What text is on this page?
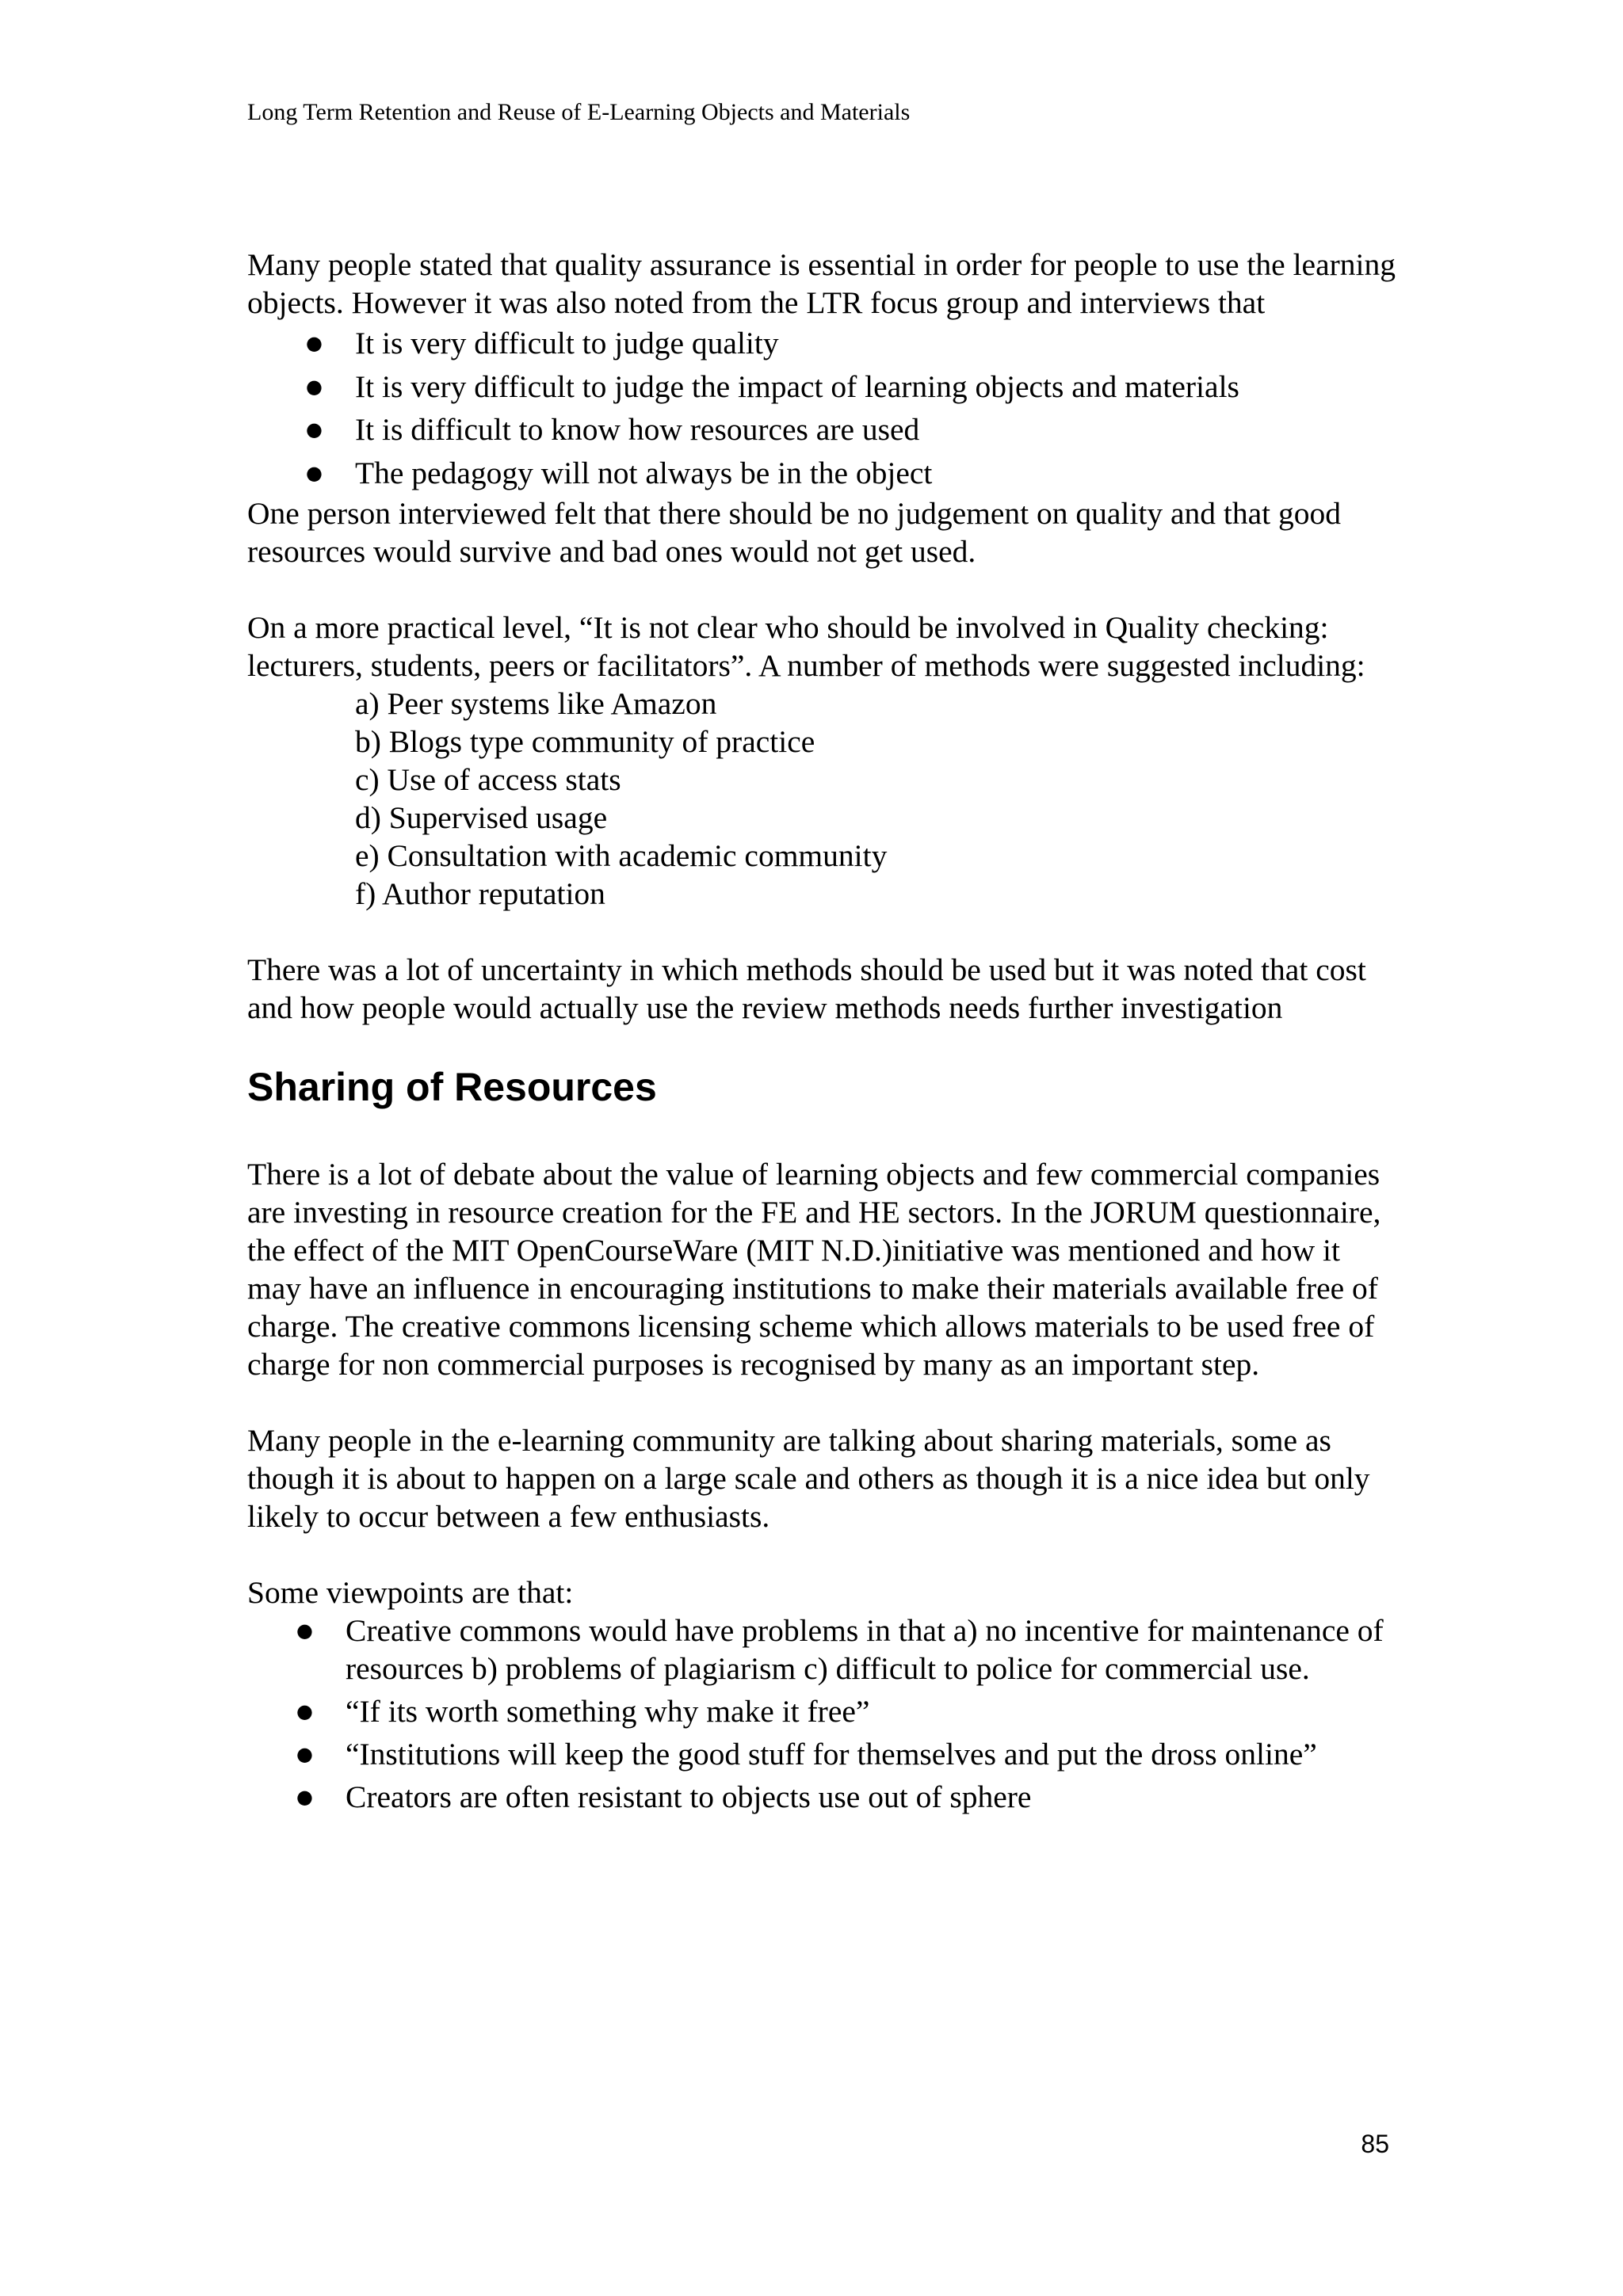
Long Term Retention and Reuse of E-Learning Objects and Materials

Many people stated that quality assurance is essential in order for people to use the learning objects. However it was also noted from the LTR focus group and interviews that

● It is very difficult to judge quality
● It is very difficult to judge the impact of learning objects and materials
● It is difficult to know how resources are used
● The pedagogy will not always be in the object

One person interviewed felt that there should be no judgement on quality and that good resources would survive and bad ones would not get used.

On a more practical level, “It is not clear who should be involved in Quality checking: lecturers, students, peers or facilitators”. A number of methods were suggested including:

a) Peer systems like Amazon
b) Blogs type community of practice
c) Use of access stats
d) Supervised usage
e) Consultation with academic community
f) Author reputation

There was a lot of uncertainty in which methods should be used but it was noted that cost and how people would actually use the review methods needs further investigation

Sharing of Resources

There is a lot of debate about the value of learning objects and few commercial companies are investing in resource creation for the FE and HE sectors. In the JORUM questionnaire, the effect of the MIT OpenCourseWare (MIT N.D.)initiative was mentioned and how it may have an influence in encouraging institutions to make their materials available free of charge. The creative commons licensing scheme which allows materials to be used free of charge for non commercial purposes is recognised by many as an important step.

Many people in the e-learning community are talking about sharing materials, some as though it is about to happen on a large scale and others as though it is a nice idea but only likely to occur between a few enthusiasts.

Some viewpoints are that:

● Creative commons would have problems in that a) no incentive for maintenance of resources b) problems of plagiarism c) difficult to police for commercial use.
● “If its worth something why make it free”
● “Institutions will keep the good stuff for themselves and put the dross online”
● Creators are often resistant to objects use out of sphere
85
